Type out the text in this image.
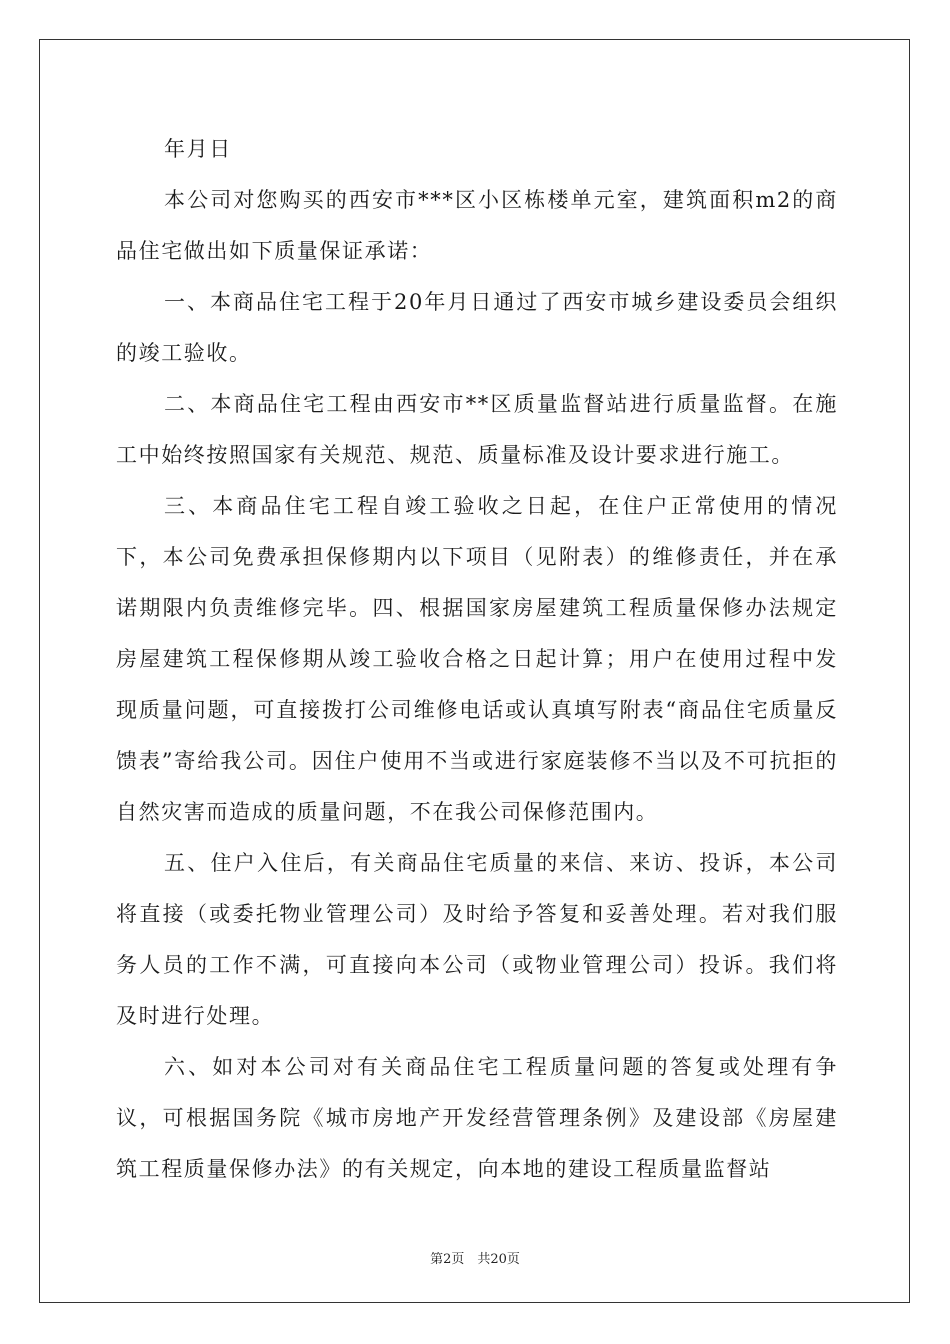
年月日

本公司对您购买的西安市***区小区栋楼单元室，建筑面积m2的商品住宅做出如下质量保证承诺：

一、本商品住宅工程于20年月日通过了西安市城乡建设委员会组织的竣工验收。

二、本商品住宅工程由西安市**区质量监督站进行质量监督。在施工中始终按照国家有关规范、规范、质量标准及设计要求进行施工。

三、本商品住宅工程自竣工验收之日起，在住户正常使用的情况下，本公司免费承担保修期内以下项目（见附表）的维修责任，并在承诺期限内负责维修完毕。四、根据国家房屋建筑工程质量保修办法规定房屋建筑工程保修期从竣工验收合格之日起计算；用户在使用过程中发现质量问题，可直接拨打公司维修电话或认真填写附表“商品住宅质量反馈表”寄给我公司。因住户使用不当或进行家庭装修不当以及不可抗拒的自然灾害而造成的质量问题，不在我公司保修范围内。

五、住户入住后，有关商品住宅质量的来信、来访、投诉，本公司将直接（或委托物业管理公司）及时给予答复和妥善处理。若对我们服务人员的工作不满，可直接向本公司（或物业管理公司）投诉。我们将及时进行处理。

六、如对本公司对有关商品住宅工程质量问题的答复或处理有争议，可根据国务院《城市房地产开发经营管理条例》及建设部《房屋建筑工程质量保修办法》的有关规定，向本地的建设工程质量监督站

第2页　共20页
